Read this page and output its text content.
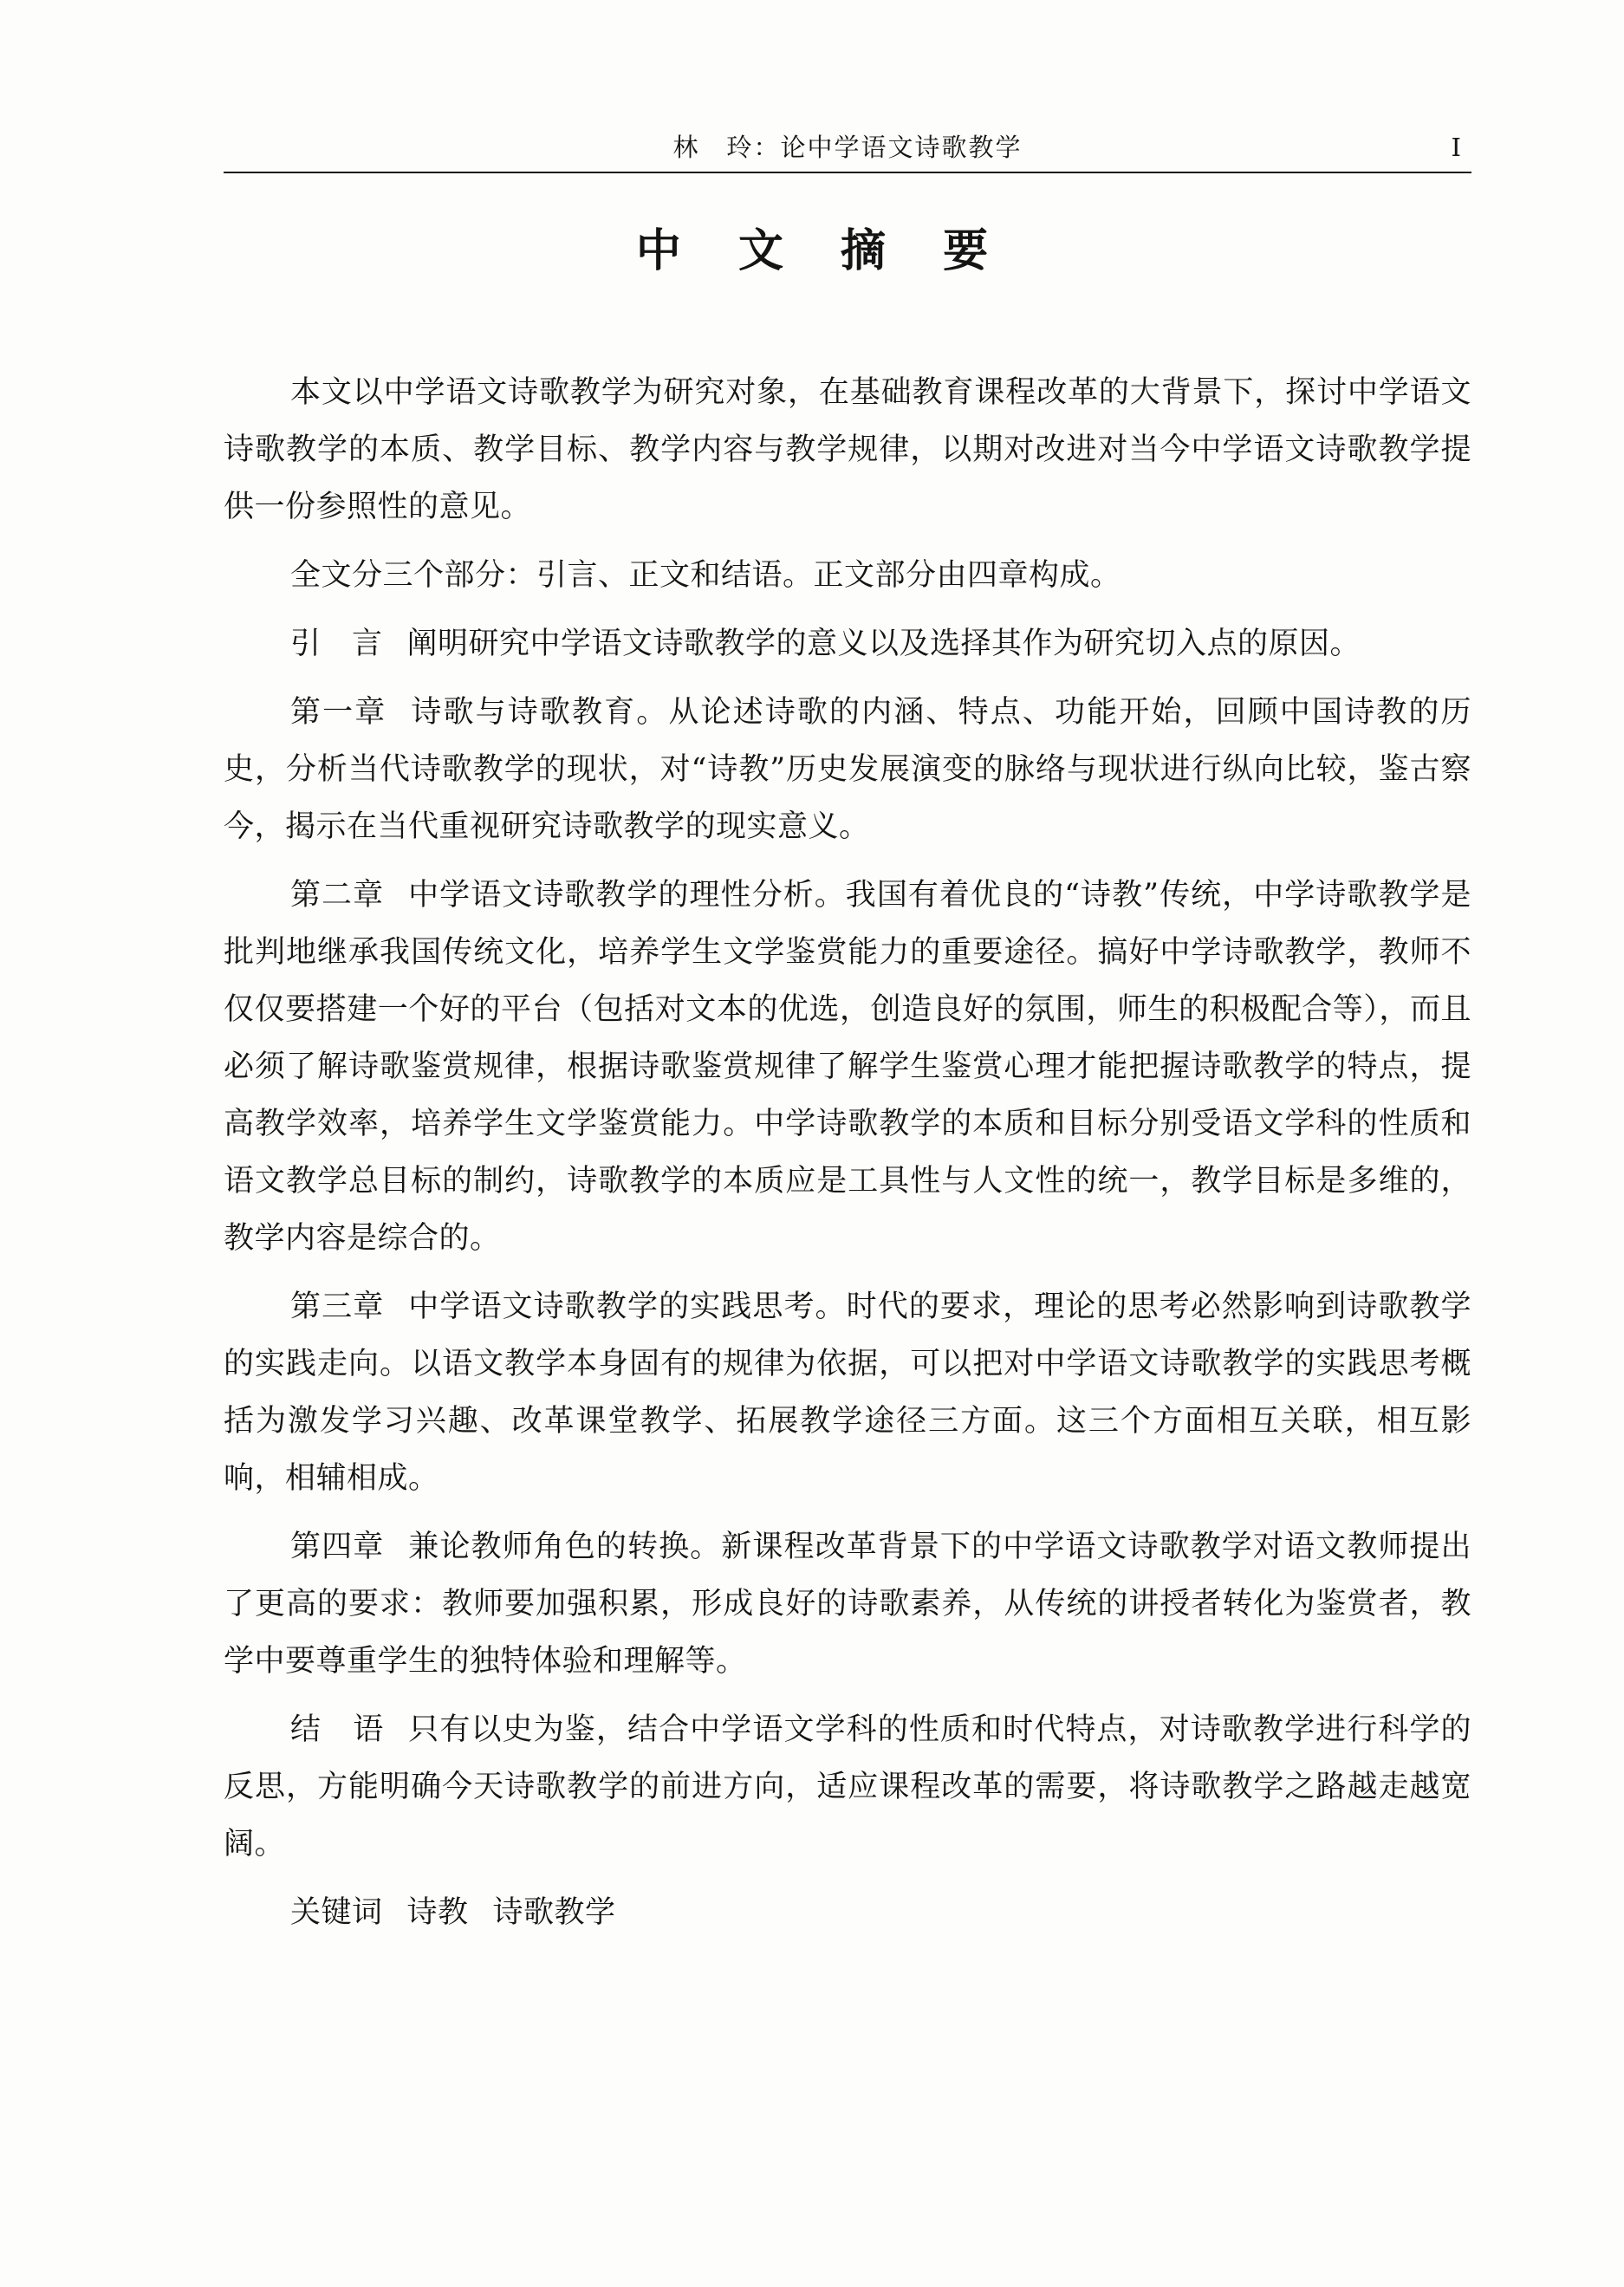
林　玲：论中学语文诗歌教学	I
中 文 摘 要

本文以中学语文诗歌教学为研究对象，在基础教育课程改革的大背景下，探讨中学语文诗歌教学的本质、教学目标、教学内容与教学规律，以期对改进对当今中学语文诗歌教学提供一份参照性的意见。

全文分三个部分：引言、正文和结语。正文部分由四章构成。

引　言 阐明研究中学语文诗歌教学的意义以及选择其作为研究切入点的原因。

第一章 诗歌与诗歌教育。从论述诗歌的内涵、特点、功能开始，回顾中国诗教的历史，分析当代诗歌教学的现状，对“诗教”历史发展演变的脉络与现状进行纵向比较，鉴古察今，揭示在当代重视研究诗歌教学的现实意义。

第二章 中学语文诗歌教学的理性分析。我国有着优良的“诗教”传统，中学诗歌教学是批判地继承我国传统文化，培养学生文学鉴赏能力的重要途径。搞好中学诗歌教学，教师不仅仅要搭建一个好的平台（包括对文本的优选，创造良好的氛围，师生的积极配合等），而且必须了解诗歌鉴赏规律，根据诗歌鉴赏规律了解学生鉴赏心理才能把握诗歌教学的特点，提高教学效率，培养学生文学鉴赏能力。中学诗歌教学的本质和目标分别受语文学科的性质和语文教学总目标的制约，诗歌教学的本质应是工具性与人文性的统一，教学目标是多维的，教学内容是综合的。

第三章 中学语文诗歌教学的实践思考。时代的要求，理论的思考必然影响到诗歌教学的实践走向。以语文教学本身固有的规律为依据，可以把对中学语文诗歌教学的实践思考概括为激发学习兴趣、改革课堂教学、拓展教学途径三方面。这三个方面相互关联，相互影响，相辅相成。

第四章 兼论教师角色的转换。新课程改革背景下的中学语文诗歌教学对语文教师提出了更高的要求：教师要加强积累，形成良好的诗歌素养，从传统的讲授者转化为鉴赏者，教学中要尊重学生的独特体验和理解等。

结　语 只有以史为鉴，结合中学语文学科的性质和时代特点，对诗歌教学进行科学的反思，方能明确今天诗歌教学的前进方向，适应课程改革的需要，将诗歌教学之路越走越宽阔。

关键词 诗教 诗歌教学
